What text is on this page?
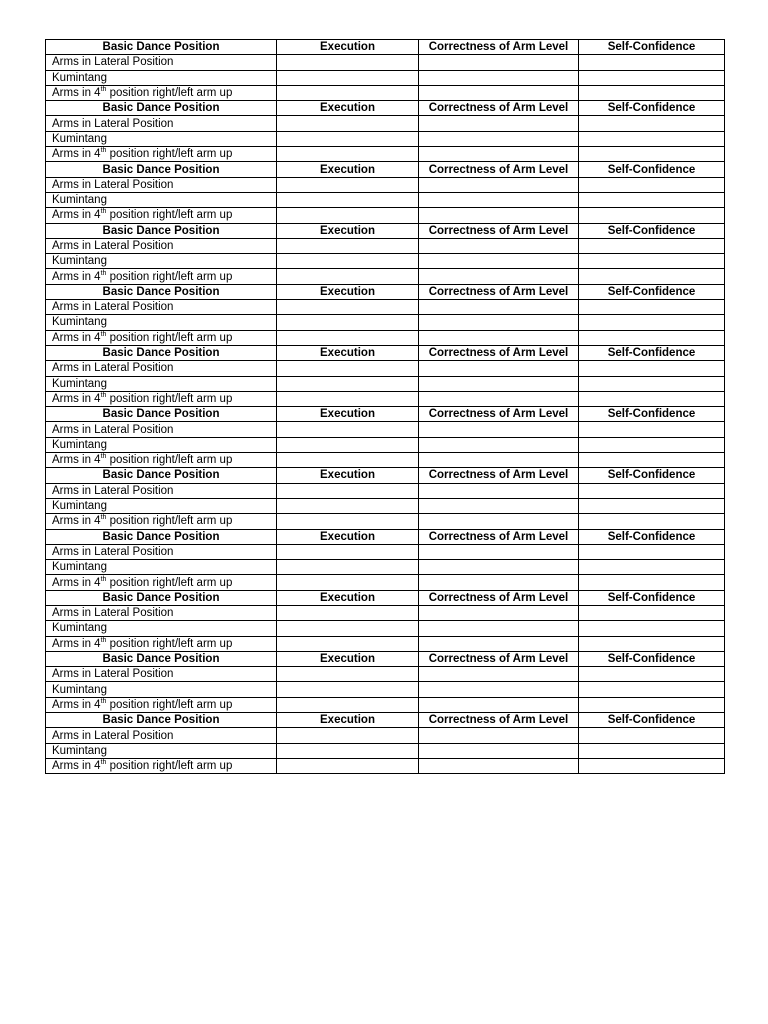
Basic Dance Position	Execution	Correctness of Arm Level	Self-Confidence
Arms in Lateral Position			
Kumintang			
Arms in 4th position right/left arm up			
Basic Dance Position	Execution	Correctness of Arm Level	Self-Confidence
Arms in Lateral Position			
Kumintang			
Arms in 4th position right/left arm up			
Basic Dance Position	Execution	Correctness of Arm Level	Self-Confidence
Arms in Lateral Position			
Kumintang			
Arms in 4th position right/left arm up			
Basic Dance Position	Execution	Correctness of Arm Level	Self-Confidence
Arms in Lateral Position			
Kumintang			
Arms in 4th position right/left arm up			
Basic Dance Position	Execution	Correctness of Arm Level	Self-Confidence
Arms in Lateral Position			
Kumintang			
Arms in 4th position right/left arm up			
Basic Dance Position	Execution	Correctness of Arm Level	Self-Confidence
Arms in Lateral Position			
Kumintang			
Arms in 4th position right/left arm up			
Basic Dance Position	Execution	Correctness of Arm Level	Self-Confidence
Arms in Lateral Position			
Kumintang			
Arms in 4th position right/left arm up			
Basic Dance Position	Execution	Correctness of Arm Level	Self-Confidence
Arms in Lateral Position			
Kumintang			
Arms in 4th position right/left arm up			
Basic Dance Position	Execution	Correctness of Arm Level	Self-Confidence
Arms in Lateral Position			
Kumintang			
Arms in 4th position right/left arm up			
Basic Dance Position	Execution	Correctness of Arm Level	Self-Confidence
Arms in Lateral Position			
Kumintang			
Arms in 4th position right/left arm up			
Basic Dance Position	Execution	Correctness of Arm Level	Self-Confidence
Arms in Lateral Position			
Kumintang			
Arms in 4th position right/left arm up			
Basic Dance Position	Execution	Correctness of Arm Level	Self-Confidence
Arms in Lateral Position			
Kumintang			
Arms in 4th position right/left arm up			
